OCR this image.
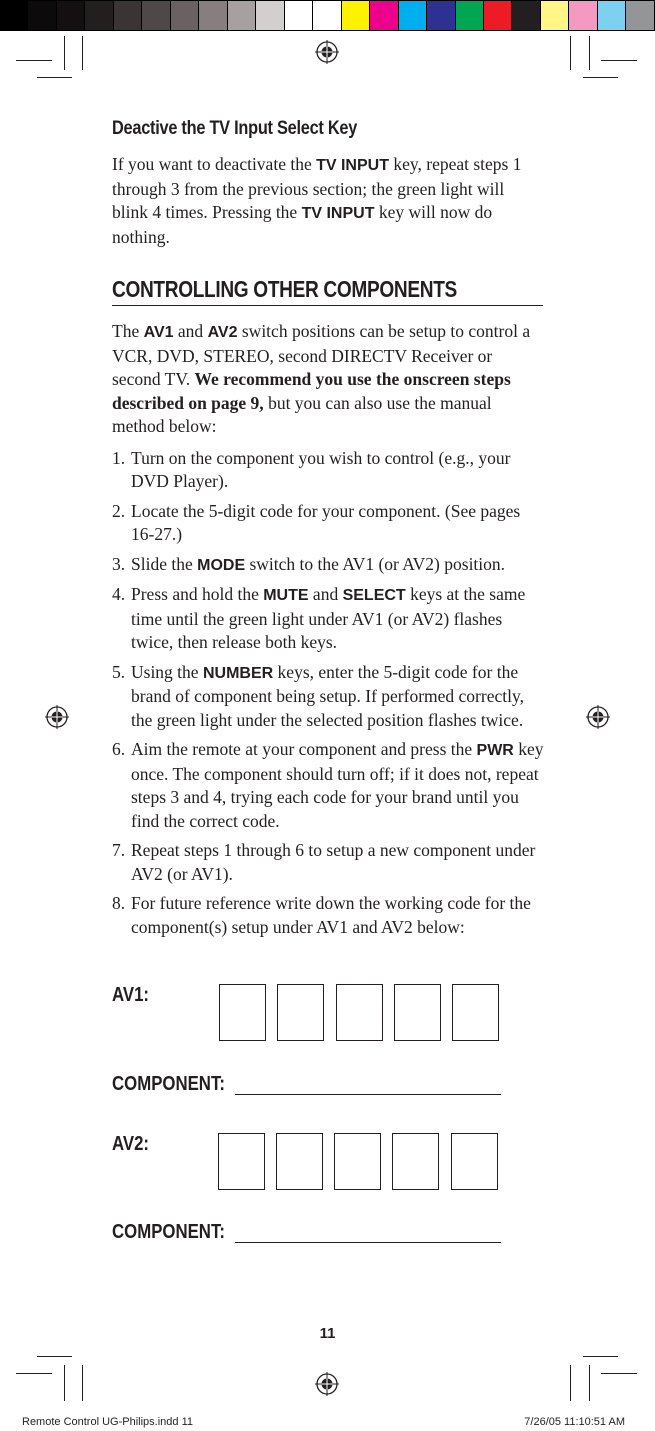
Deactive the TV Input Select Key

If you want to deactivate the TV INPUT key, repeat steps 1 through 3 from the previous section; the green light will blink 4 times. Pressing the TV INPUT key will now do nothing.

CONTROLLING OTHER COMPONENTS

The AV1 and AV2 switch positions can be setup to control a VCR, DVD, STEREO, second DIRECTV Receiver or second TV. We recommend you use the onscreen steps described on page 9, but you can also use the manual method below:

1. Turn on the component you wish to control (e.g., your DVD Player).
2. Locate the 5-digit code for your component. (See pages 16-27.)
3. Slide the MODE switch to the AV1 (or AV2) position.
4. Press and hold the MUTE and SELECT keys at the same time until the green light under AV1 (or AV2) flashes twice, then release both keys.
5. Using the NUMBER keys, enter the 5-digit code for the brand of component being setup. If performed correctly, the green light under the selected position flashes twice.
6. Aim the remote at your component and press the PWR key once. The component should turn off; if it does not, repeat steps 3 and 4, trying each code for your brand until you find the correct code.
7. Repeat steps 1 through 6 to setup a new component under AV2 (or AV1).
8. For future reference write down the working code for the component(s) setup under AV1 and AV2 below:
AV1:
COMPONENT:
AV2:
COMPONENT:
11
Remote Control UG-Philips.indd 11	7/26/05 11:10:51 AM
